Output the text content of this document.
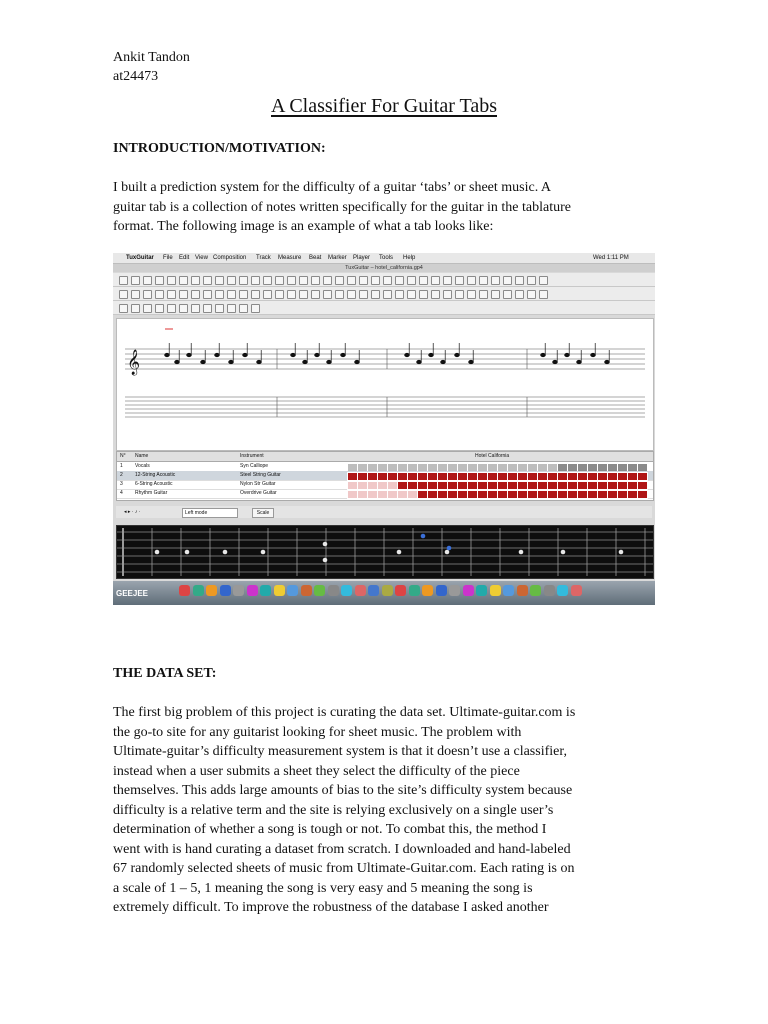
Ankit Tandon
at24473
A Classifier For Guitar Tabs
INTRODUCTION/MOTIVATION:
I built a prediction system for the difficulty of a guitar ‘tabs’ or sheet music. A
guitar tab is a collection of notes written specifically for the guitar in the tablature
format. The following image is an example of what a tab looks like:
TuxGuitar File Edit View Composition Track Measure Beat Marker Player Tools Help	Wed 1:11 PM
TuxGuitar – hotel_california.gp4
𝄞
N° Name	Instrument	Hotel California
1 Vocals	Syn Calliope
2 12-String Acoustic	Steel String Guitar
3 6-String Acoustic	Nylon Str Guitar
4 Rhythm Guitar	Overdrive Guitar
◂ ▸ · ♪ ·	Left mode	Scale
GEEJEE
THE DATA SET:
The first big problem of this project is curating the data set. Ultimate-guitar.com is
the go-to site for any guitarist looking for sheet music. The problem with
Ultimate-guitar’s difficulty measurement system is that it doesn’t use a classifier,
instead when a user submits a sheet they select the difficulty of the piece
themselves. This adds large amounts of bias to the site’s difficulty system because
difficulty is a relative term and the site is relying exclusively on a single user’s
determination of whether a song is tough or not. To combat this, the method I
went with is hand curating a dataset from scratch. I downloaded and hand-labeled
67 randomly selected sheets of music from Ultimate-Guitar.com. Each rating is on
a scale of 1 – 5, 1 meaning the song is very easy and 5 meaning the song is
extremely difficult. To improve the robustness of the database I asked another
